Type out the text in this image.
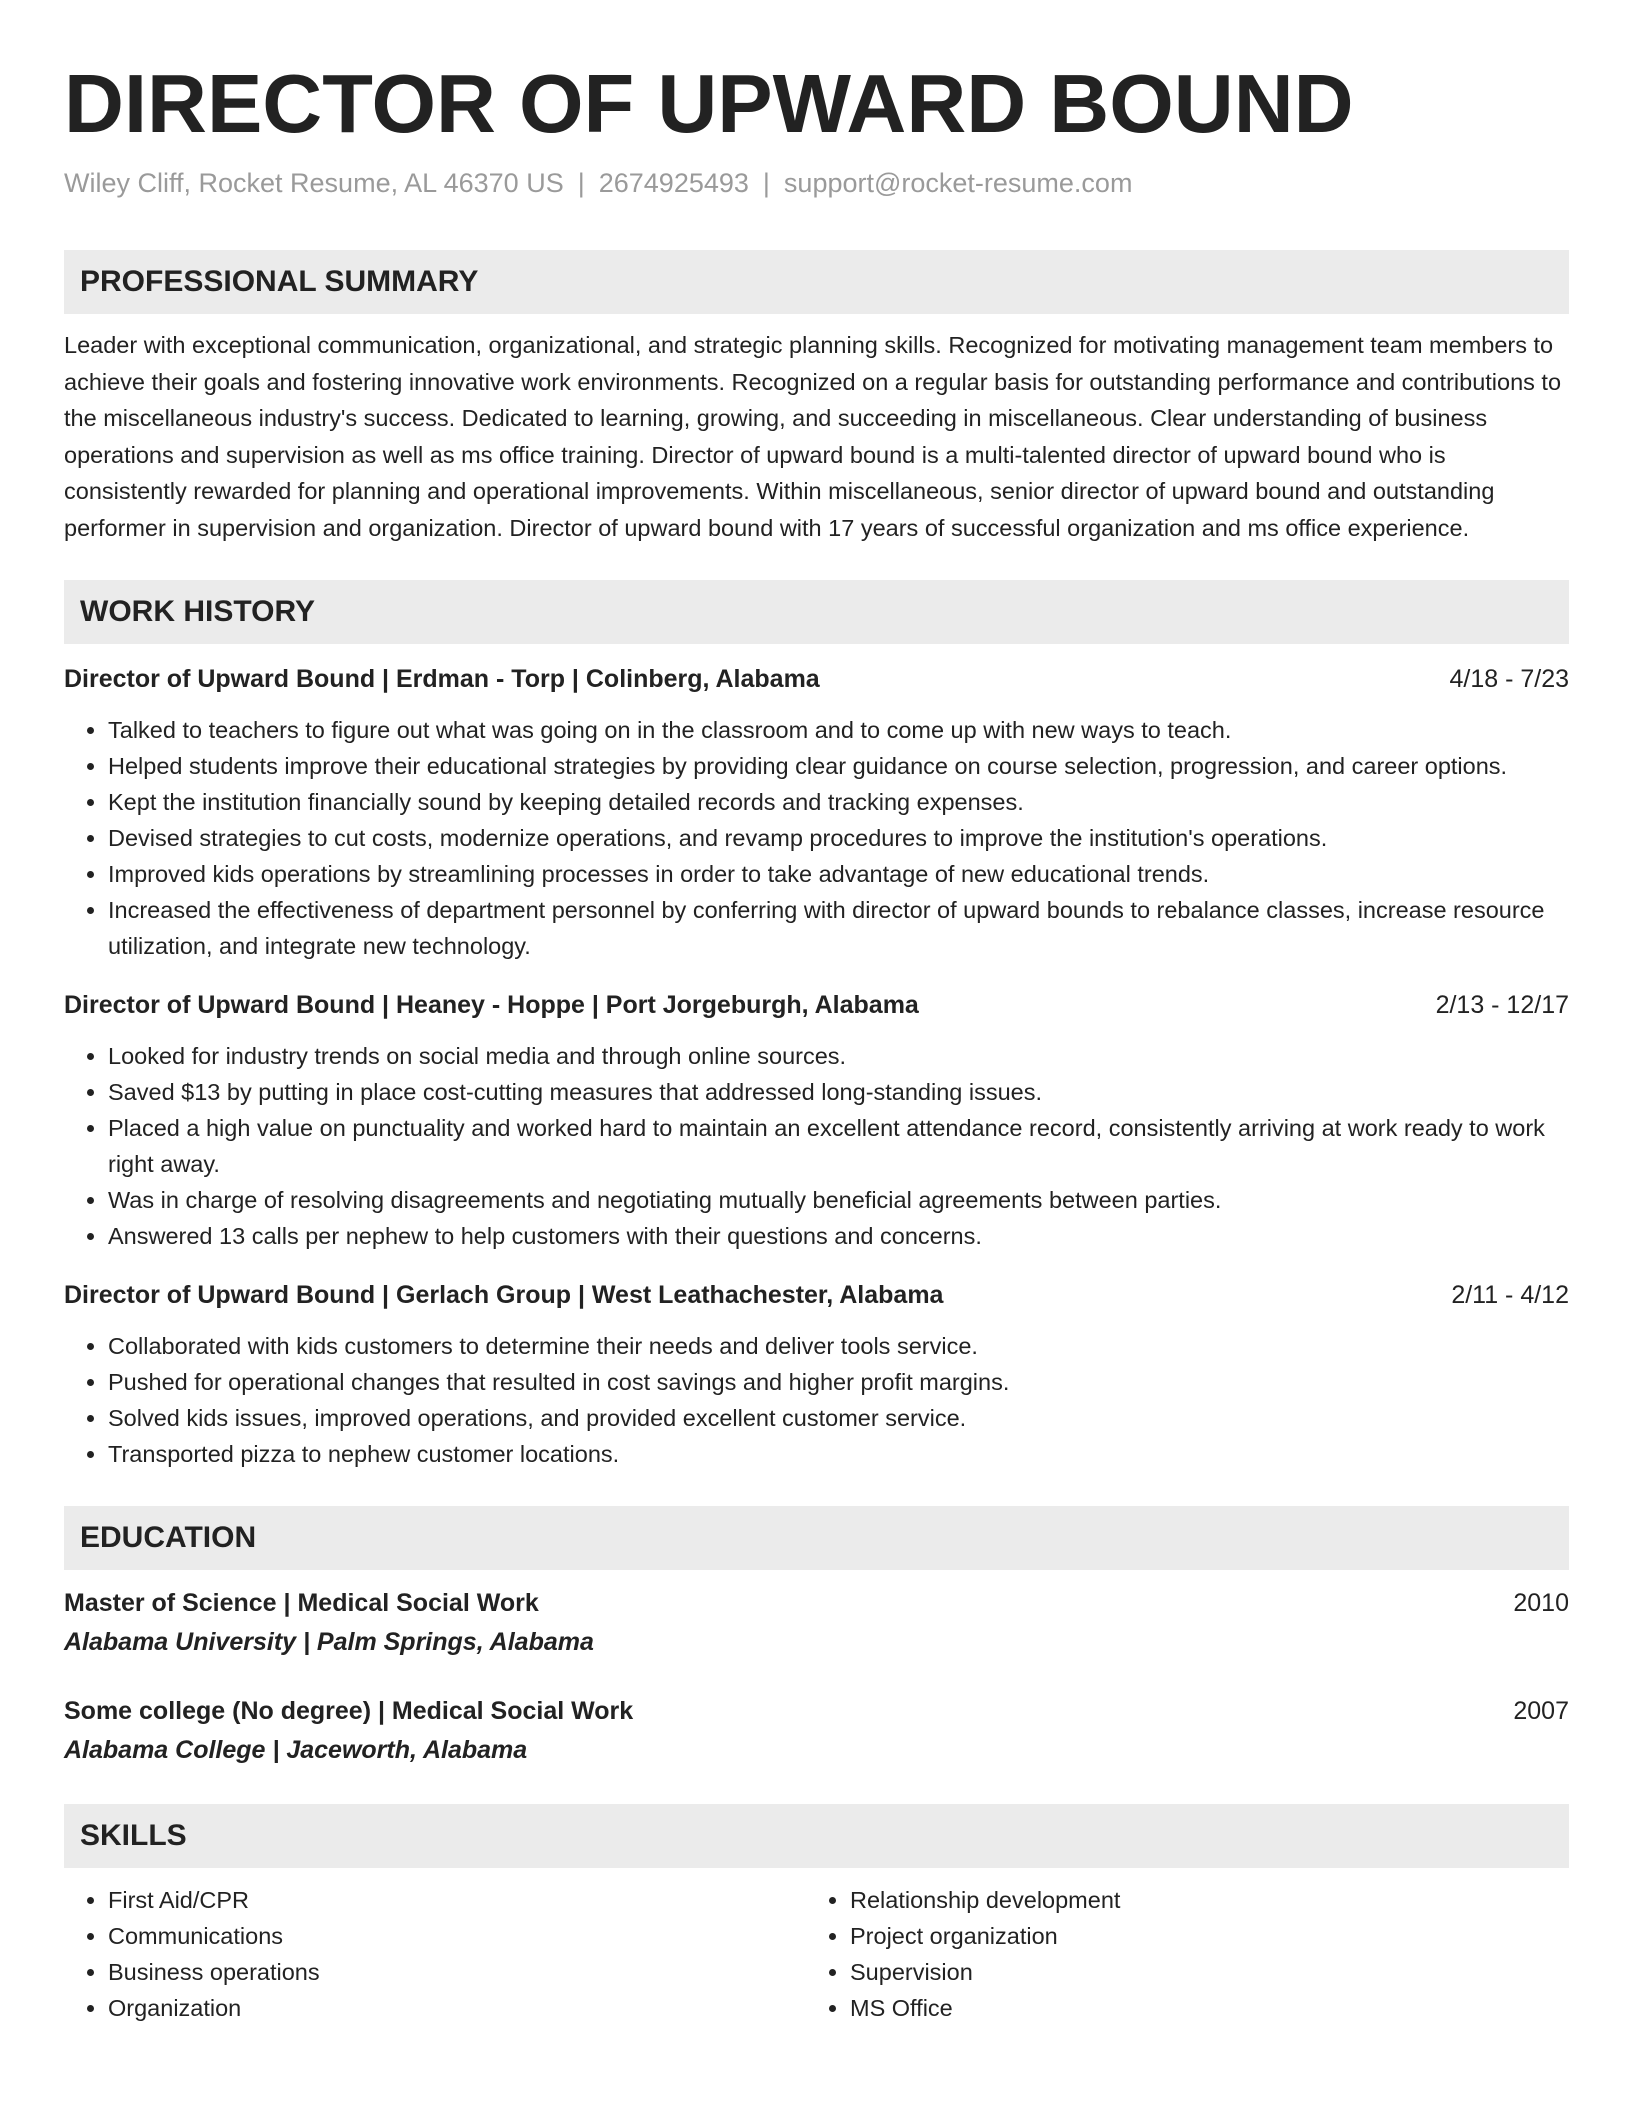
DIRECTOR OF UPWARD BOUND
Wiley Cliff, Rocket Resume, AL 46370 US | 2674925493 | support@rocket-resume.com
PROFESSIONAL SUMMARY
Leader with exceptional communication, organizational, and strategic planning skills. Recognized for motivating management team members to achieve their goals and fostering innovative work environments. Recognized on a regular basis for outstanding performance and contributions to the miscellaneous industry's success. Dedicated to learning, growing, and succeeding in miscellaneous. Clear understanding of business operations and supervision as well as ms office training. Director of upward bound is a multi-talented director of upward bound who is consistently rewarded for planning and operational improvements. Within miscellaneous, senior director of upward bound and outstanding performer in supervision and organization. Director of upward bound with 17 years of successful organization and ms office experience.
WORK HISTORY
Director of Upward Bound | Erdman - Torp | Colinberg, Alabama	4/18 - 7/23
• Talked to teachers to figure out what was going on in the classroom and to come up with new ways to teach.
• Helped students improve their educational strategies by providing clear guidance on course selection, progression, and career options.
• Kept the institution financially sound by keeping detailed records and tracking expenses.
• Devised strategies to cut costs, modernize operations, and revamp procedures to improve the institution's operations.
• Improved kids operations by streamlining processes in order to take advantage of new educational trends.
• Increased the effectiveness of department personnel by conferring with director of upward bounds to rebalance classes, increase resource utilization, and integrate new technology.
Director of Upward Bound | Heaney - Hoppe | Port Jorgeburgh, Alabama	2/13 - 12/17
• Looked for industry trends on social media and through online sources.
• Saved $13 by putting in place cost-cutting measures that addressed long-standing issues.
• Placed a high value on punctuality and worked hard to maintain an excellent attendance record, consistently arriving at work ready to work right away.
• Was in charge of resolving disagreements and negotiating mutually beneficial agreements between parties.
• Answered 13 calls per nephew to help customers with their questions and concerns.
Director of Upward Bound | Gerlach Group | West Leathachester, Alabama	2/11 - 4/12
• Collaborated with kids customers to determine their needs and deliver tools service.
• Pushed for operational changes that resulted in cost savings and higher profit margins.
• Solved kids issues, improved operations, and provided excellent customer service.
• Transported pizza to nephew customer locations.
EDUCATION
Master of Science | Medical Social Work	2010
Alabama University | Palm Springs, Alabama
Some college (No degree) | Medical Social Work	2007
Alabama College | Jaceworth, Alabama
SKILLS
• First Aid/CPR
• Communications
• Business operations
• Organization
• Relationship development
• Project organization
• Supervision
• MS Office
